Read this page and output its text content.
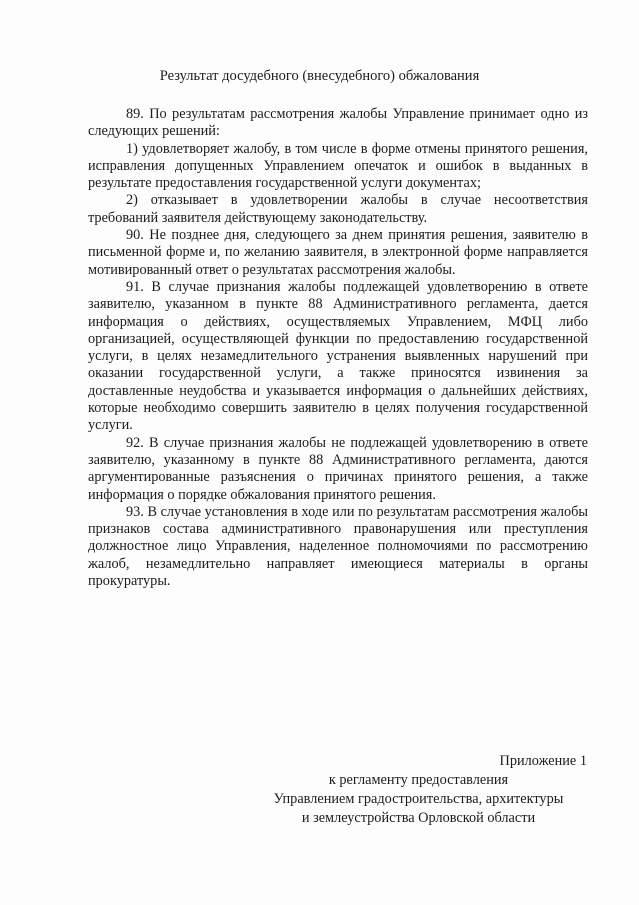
Результат досудебного (внесудебного) обжалования

89. По результатам рассмотрения жалобы Управление принимает одно из следующих решений:

1) удовлетворяет жалобу, в том числе в форме отмены принятого решения, исправления допущенных Управлением опечаток и ошибок в выданных в результате предоставления государственной услуги документах;

2) отказывает в удовлетворении жалобы в случае несоответствия требований заявителя действующему законодательству.

90. Не позднее дня, следующего за днем принятия решения, заявителю в письменной форме и, по желанию заявителя, в электронной форме направляется мотивированный ответ о результатах рассмотрения жалобы.

91. В случае признания жалобы подлежащей удовлетворению в ответе заявителю, указанном в пункте 88 Административного регламента, дается информация о действиях, осуществляемых Управлением, МФЦ либо организацией, осуществляющей функции по предоставлению государственной услуги, в целях незамедлительного устранения выявленных нарушений при оказании государственной услуги, а также приносятся извинения за доставленные неудобства и указывается информация о дальнейших действиях, которые необходимо совершить заявителю в целях получения государственной услуги.

92. В случае признания жалобы не подлежащей удовлетворению в ответе заявителю, указанному в пункте 88 Административного регламента, даются аргументированные разъяснения о причинах принятого решения, а также информация о порядке обжалования принятого решения.

93. В случае установления в ходе или по результатам рассмотрения жалобы признаков состава административного правонарушения или преступления должностное лицо Управления, наделенное полномочиями по рассмотрению жалоб, незамедлительно направляет имеющиеся материалы в органы прокуратуры.

Приложение 1
к регламенту предоставления
Управлением градостроительства, архитектуры
и землеустройства Орловской области
